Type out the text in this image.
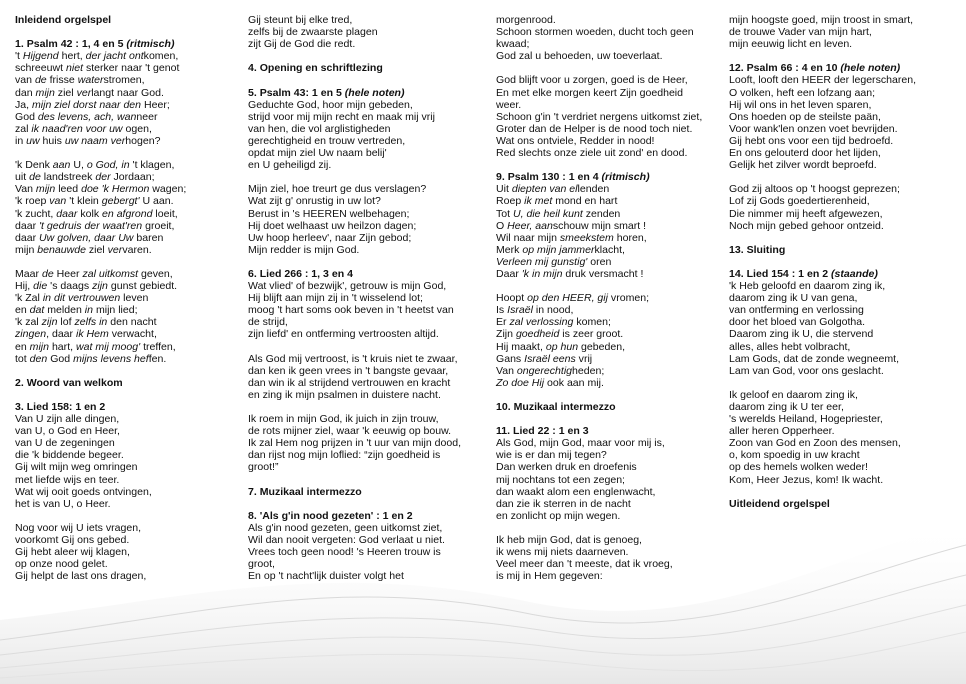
Inleidend orgelspel
1. Psalm 42 : 1, 4 en 5 (ritmisch)
't Hijgend hert, der jacht ontkomen,
schreeuwt niet sterker naar 't genot
van de frisse waterstromen,
dan mijn ziel verlangt naar God.
Ja, mijn ziel dorst naar den Heer;
God des levens, ach, wanneer
zal ik naad'ren voor uw ogen,
in uw huis uw naam verhogen?
'k Denk aan U, o God, in 't klagen,
uit de landstreek der Jordaan;
Van mijn leed doe 'k Hermon wagen;
'k roep van 't klein gebergt' U aan.
'k zucht, daar kolk en afgrond loeit,
daar 't gedruis der waat'ren groeit,
daar Uw golven, daar Uw baren
mijn benauwde ziel vervaren.
Maar de Heer zal uitkomst geven,
Hij, die 's daags zijn gunst gebiedt.
'k Zal in dit vertrouwen leven
en dat melden in mijn lied;
'k zal zijn lof zelfs in den nacht
zingen, daar ik Hem verwacht,
en mijn hart, wat mij moog' treffen,
tot den God mijns levens heffen.
2. Woord van welkom
3. Lied 158: 1 en 2
Van U zijn alle dingen,
van U, o God en Heer,
van U de zegeningen
die 'k biddende begeer.
Gij wilt mijn weg omringen
met liefde wijs en teer.
Wat wij ooit goeds ontvingen,
het is van U, o Heer.
Nog voor wij U iets vragen,
voorkomt Gij ons gebed.
Gij hebt aleer wij klagen,
op onze nood gelet.
Gij helpt de last ons dragen,
Gij steunt bij elke tred,
zelfs bij de zwaarste plagen
zijt Gij de God die redt.
4. Opening en schriftlezing
5. Psalm 43: 1 en 5 (hele noten)
Geduchte God, hoor mijn gebeden,
strijd voor mij mijn recht en maak mij vrij
van hen, die vol arglistigheden
gerechtigheid en trouw vertreden,
opdat mijn ziel Uw naam belij'
en U geheiligd zij.
Mijn ziel, hoe treurt ge dus verslagen?
Wat zijt g' onrustig in uw lot?
Berust in 's HEEREN welbehagen;
Hij doet welhaast uw heilzon dagen;
Uw hoop herleev', naar Zijn gebod;
Mijn redder is mijn God.
6. Lied 266 : 1, 3 en 4
Wat vlied' of bezwijk', getrouw is mijn God,
Hij blijft aan mijn zij in 't wisselend lot;
moog 't hart soms ook beven in 't heetst van
de strijd,
zijn liefd' en ontferming vertroosten altijd.
Als God mij vertroost, is 't kruis niet te zwaar,
dan ken ik geen vrees in 't bangste gevaar,
dan win ik al strijdend vertrouwen en kracht
en zing ik mijn psalmen in duistere nacht.
Ik roem in mijn God, ik juich in zijn trouw,
de rots mijner ziel, waar 'k eeuwig op bouw.
Ik zal Hem nog prijzen in 't uur van mijn dood,
dan rijst nog mijn loflied: “zijn goedheid is
groot!”
7. Muzikaal intermezzo
8. 'Als g'in nood gezeten' : 1 en 2
Als g'in nood gezeten, geen uitkomst ziet,
Wil dan nooit vergeten: God verlaat u niet.
Vrees toch geen nood! 's Heeren trouw is
groot,
En op 't nacht'lijk duister volgt het
morgenrood.
Schoon stormen woeden, ducht toch geen
kwaad;
God zal u behoeden, uw toeverlaat.
God blijft voor u zorgen, goed is de Heer,
En met elke morgen keert Zijn goedheid
weer.
Schoon g'in 't verdriet nergens uitkomst ziet,
Groter dan de Helper is de nood toch niet.
Wat ons ontviele, Redder in nood!
Red slechts onze ziele uit zond' en dood.
9. Psalm 130 : 1 en 4 (ritmisch)
Uit diepten van ellenden
Roep ik met mond en hart
Tot U, die heil kunt zenden
O Heer, aanschouw mijn smart !
Wil naar mijn smeekstem horen,
Merk op mijn jammerklacht,
Verleen mij gunstig' oren
Daar 'k in mijn druk versmacht !
Hoopt op den HEER, gij vromen;
Is Israël in nood,
Er zal verlossing komen;
Zijn goedheid is zeer groot.
Hij maakt, op hun gebeden,
Gans Israël eens vrij
Van ongerechtigheden;
Zo doe Hij ook aan mij.
10. Muzikaal intermezzo
11. Lied 22 : 1 en 3
Als God, mijn God, maar voor mij is,
wie is er dan mij tegen?
Dan werken druk en droefenis
mij nochtans tot een zegen;
dan waakt alom een englenwacht,
dan zie ik sterren in de nacht
en zonlicht op mijn wegen.
Ik heb mijn God, dat is genoeg,
ik wens mij niets daarneven.
Veel meer dan 't meeste, dat ik vroeg,
is mij in Hem gegeven:
mijn hoogste goed, mijn troost in smart,
de trouwe Vader van mijn hart,
mijn eeuwig licht en leven.
12. Psalm 66 : 4 en 10 (hele noten)
Looft, looft den HEER der legerscharen,
O volken, heft een lofzang aan;
Hij wil ons in het leven sparen,
Ons hoeden op de steilste paän,
Voor wank'len onzen voet bevrijden.
Gij hebt ons voor een tijd bedroefd.
En ons gelouterd door het lijden,
Gelijk het zilver wordt beproefd.
God zij altoos op 't hoogst geprezen;
Lof zij Gods goedertierenheid,
Die nimmer mij heeft afgewezen,
Noch mijn gebed gehoor ontzeid.
13. Sluiting
14. Lied 154 : 1 en 2 (staande)
'k Heb geloofd en daarom zing ik,
daarom zing ik U van gena,
van ontferming en verlossing
door het bloed van Golgotha.
Daarom zing ik U, die stervend
alles, alles hebt volbracht,
Lam Gods, dat de zonde wegneemt,
Lam van God, voor ons geslacht.
Ik geloof en daarom zing ik,
daarom zing ik U ter eer,
's werelds Heiland, Hogepriester,
aller heren Opperheer.
Zoon van God en Zoon des mensen,
o, kom spoedig in uw kracht
op des hemels wolken weder!
Kom, Heer Jezus, kom! Ik wacht.
Uitleidend orgelspel
